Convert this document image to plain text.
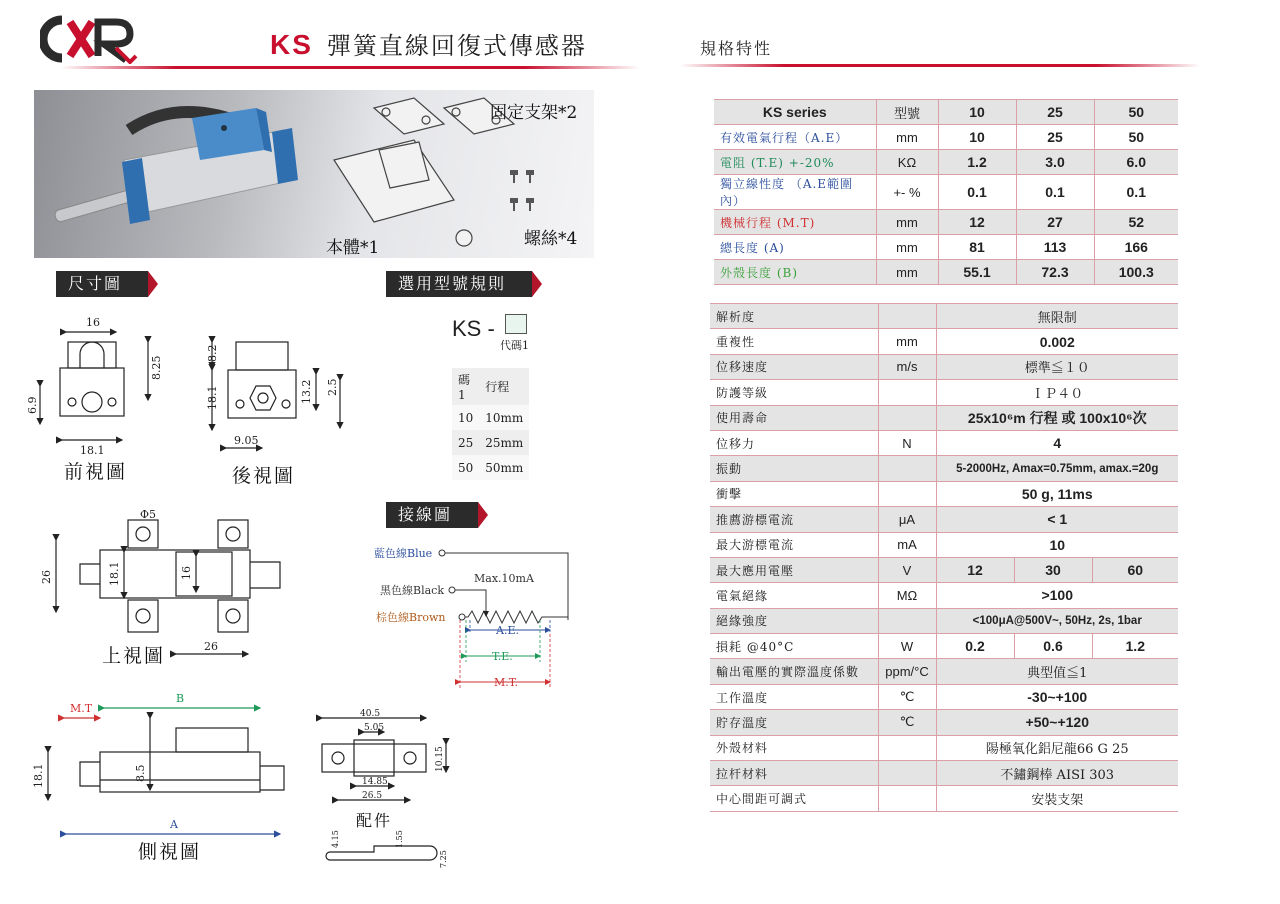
KS 彈簧直線回復式傳感器	規格特性
固定支架*2
螺絲*4
本體*1
尺寸圖	選用型號規則
接線圖
16
8.25
6.9
18.1
8.2
18.1	13.2 2.5
9.05
Φ5
26	18.1	16
26
M.T
B
18.1	8.5
A
40.5
5.05
10.15
14.85
26.5
4.15	1.55
7.25
前視圖	後視圖
上視圖
側視圖
配件
藍色線Blue
黑色線Black
棕色線Brown
Max.10mA
A.E.
T.E.
M.T.
KS -
代碼1
碼1	行程
10	10mm
25	25mm
50	50mm
KS series	型號	10	25	50
有效電氣行程（A.E）	mm	10	25	50
電阻 (T.E) +-20%	KΩ	1.2	3.0	6.0
獨立線性度 （A.E範圍內）	+- %	0.1	0.1	0.1
機械行程 (M.T)	mm	12	27	52
總長度 (A)	mm	81	113	166
外殼長度 (B)	mm	55.1	72.3	100.3
解析度		無限制		
重複性	mm	0.002		
位移速度	m/s	標準≦１０		
防護等級		ＩＰ４０		
使用壽命		25x10⁶m 行程 或 100x10⁶次		
位移力	N	4		
振動		5-2000Hz, Amax=0.75mm, amax.=20g		
衝擊		50 g, 11ms		
推薦游標電流	μA	< 1		
最大游標電流	mA	10		
最大應用電壓	V	12	30	60
電氣絕緣	MΩ	>100		
絕緣強度		<100μA@500V~, 50Hz, 2s, 1bar		
損耗 @40°C	W	0.2	0.6	1.2
輸出電壓的實際溫度係數	ppm/°C	典型值≦1		
工作溫度	℃	-30~+100		
貯存溫度	℃	+50~+120		
外殼材料		陽極氧化鋁尼龍66 G 25		
拉杆材料		不鏽鋼棒 AISI 303		
中心間距可調式		安裝支架		
